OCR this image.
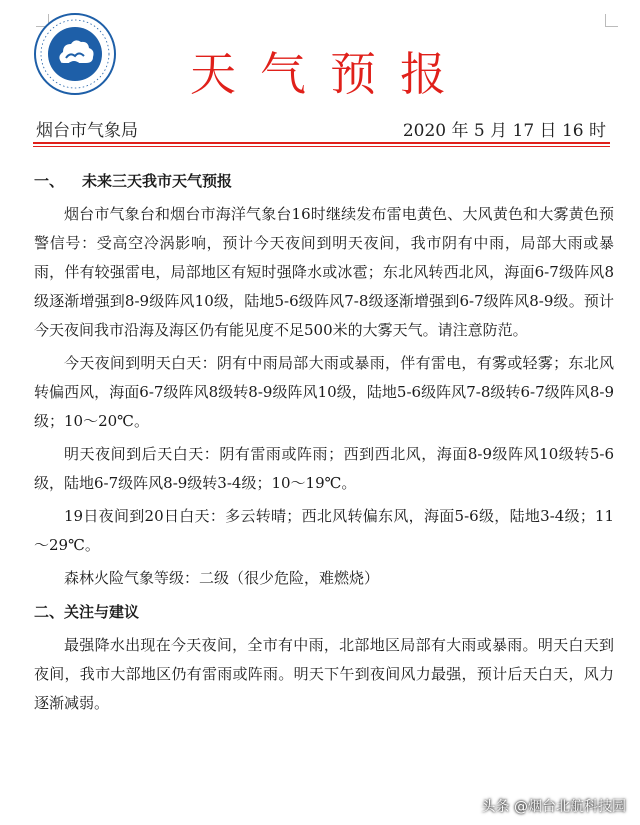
天气预报
烟台市气象局	2020 年 5 月 17 日 16 时
一、 未来三天我市天气预报

烟台市气象台和烟台市海洋气象台16时继续发布雷电黄色、大风黄色和大雾黄色预警信号：受高空冷涡影响，预计今天夜间到明天夜间，我市阴有中雨，局部大雨或暴雨，伴有较强雷电，局部地区有短时强降水或冰雹；东北风转西北风，海面6-7级阵风8级逐渐增强到8-9级阵风10级，陆地5-6级阵风7-8级逐渐增强到6-7级阵风8-9级。预计今天夜间我市沿海及海区仍有能见度不足500米的大雾天气。请注意防范。

今天夜间到明天白天：阴有中雨局部大雨或暴雨，伴有雷电，有雾或轻雾；东北风转偏西风，海面6-7级阵风8级转8-9级阵风10级，陆地5-6级阵风7-8级转6-7级阵风8-9级；10～20℃。

明天夜间到后天白天：阴有雷雨或阵雨；西到西北风，海面8-9级阵风10级转5-6级，陆地6-7级阵风8-9级转3-4级；10～19℃。

19日夜间到20日白天：多云转晴；西北风转偏东风，海面5-6级，陆地3-4级；11～29℃。

森林火险气象等级：二级（很少危险，难燃烧）

二、关注与建议

最强降水出现在今天夜间，全市有中雨，北部地区局部有大雨或暴雨。明天白天到夜间，我市大部地区仍有雷雨或阵雨。明天下午到夜间风力最强，预计后天白天，风力逐渐减弱。

头条 @烟台北航科技园
